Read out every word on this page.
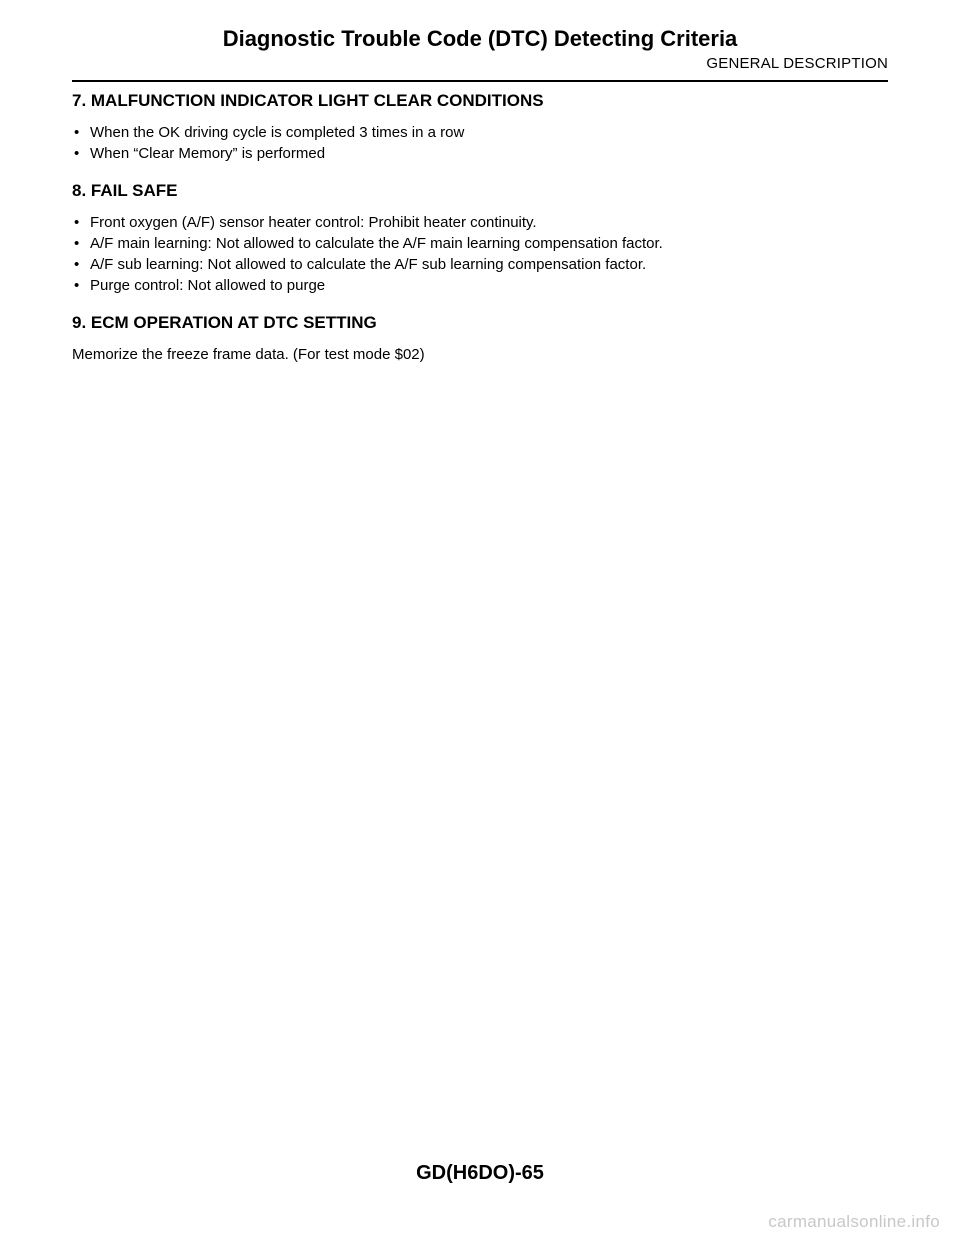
Diagnostic Trouble Code (DTC) Detecting Criteria
GENERAL DESCRIPTION
7. MALFUNCTION INDICATOR LIGHT CLEAR CONDITIONS
• When the OK driving cycle is completed 3 times in a row
• When “Clear Memory” is performed
8. FAIL SAFE
• Front oxygen (A/F) sensor heater control: Prohibit heater continuity.
• A/F main learning: Not allowed to calculate the A/F main learning compensation factor.
• A/F sub learning: Not allowed to calculate the A/F sub learning compensation factor.
• Purge control: Not allowed to purge
9. ECM OPERATION AT DTC SETTING

Memorize the freeze frame data. (For test mode $02)

GD(H6DO)-65
carmanualsonline.info
